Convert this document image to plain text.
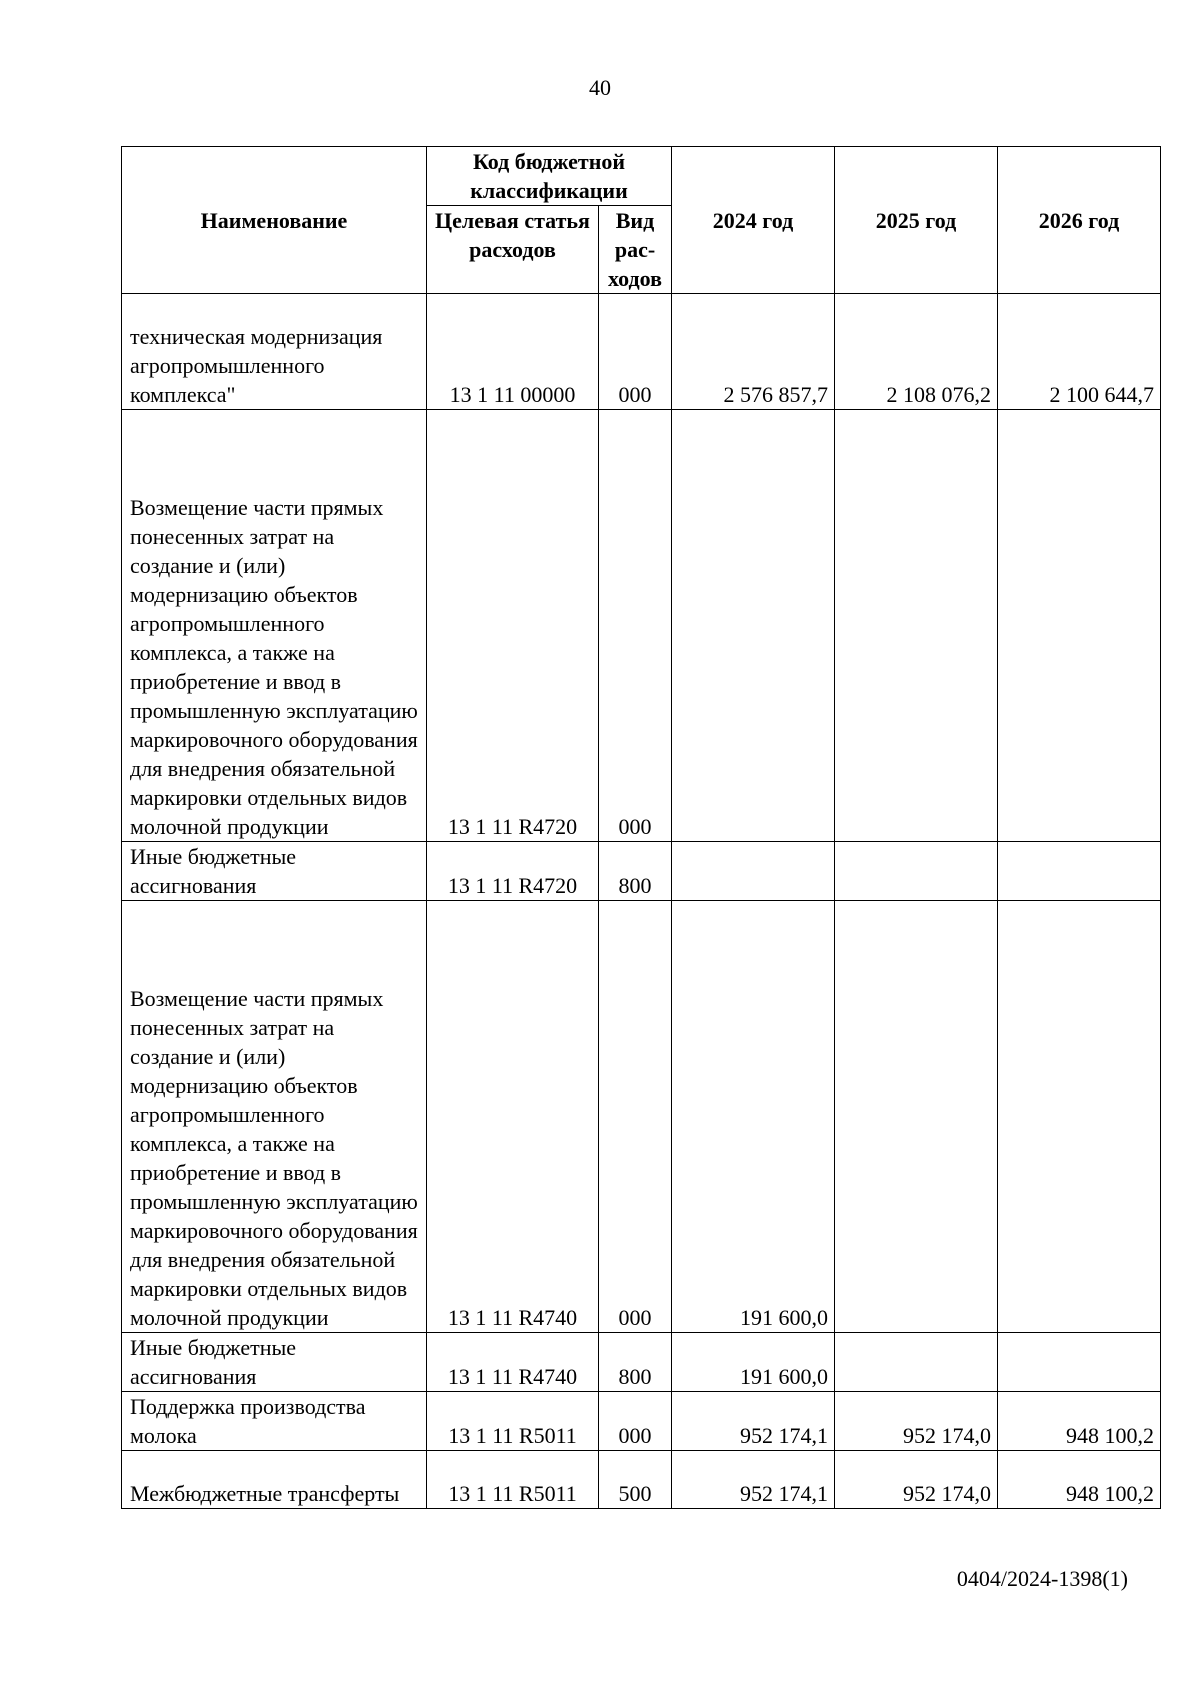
40
Наименование	Код бюджетной классификации		2024 год	2025 год	2026 год
	Целевая статья расходов	Вид рас-ходов			
техническая модернизация агропромышленного комплекса"	13 1 11 00000	000	2 576 857,7	2 108 076,2	2 100 644,7
Возмещение части прямых понесенных затрат на создание и (или) модернизацию объектов агропромышленного комплекса, а также на приобретение и ввод в промышленную эксплуатацию маркировочного оборудования для внедрения обязательной маркировки отдельных видов молочной продукции	13 1 11 R4720	000			
Иные бюджетные ассигнования	13 1 11 R4720	800			
Возмещение части прямых понесенных затрат на создание и (или) модернизацию объектов агропромышленного комплекса, а также на приобретение и ввод в промышленную эксплуатацию маркировочного оборудования для внедрения обязательной маркировки отдельных видов молочной продукции	13 1 11 R4740	000	191 600,0		
Иные бюджетные ассигнования	13 1 11 R4740	800	191 600,0		
Поддержка производства молока	13 1 11 R5011	000	952 174,1	952 174,0	948 100,2
Межбюджетные трансферты	13 1 11 R5011	500	952 174,1	952 174,0	948 100,2
0404/2024-1398(1)
